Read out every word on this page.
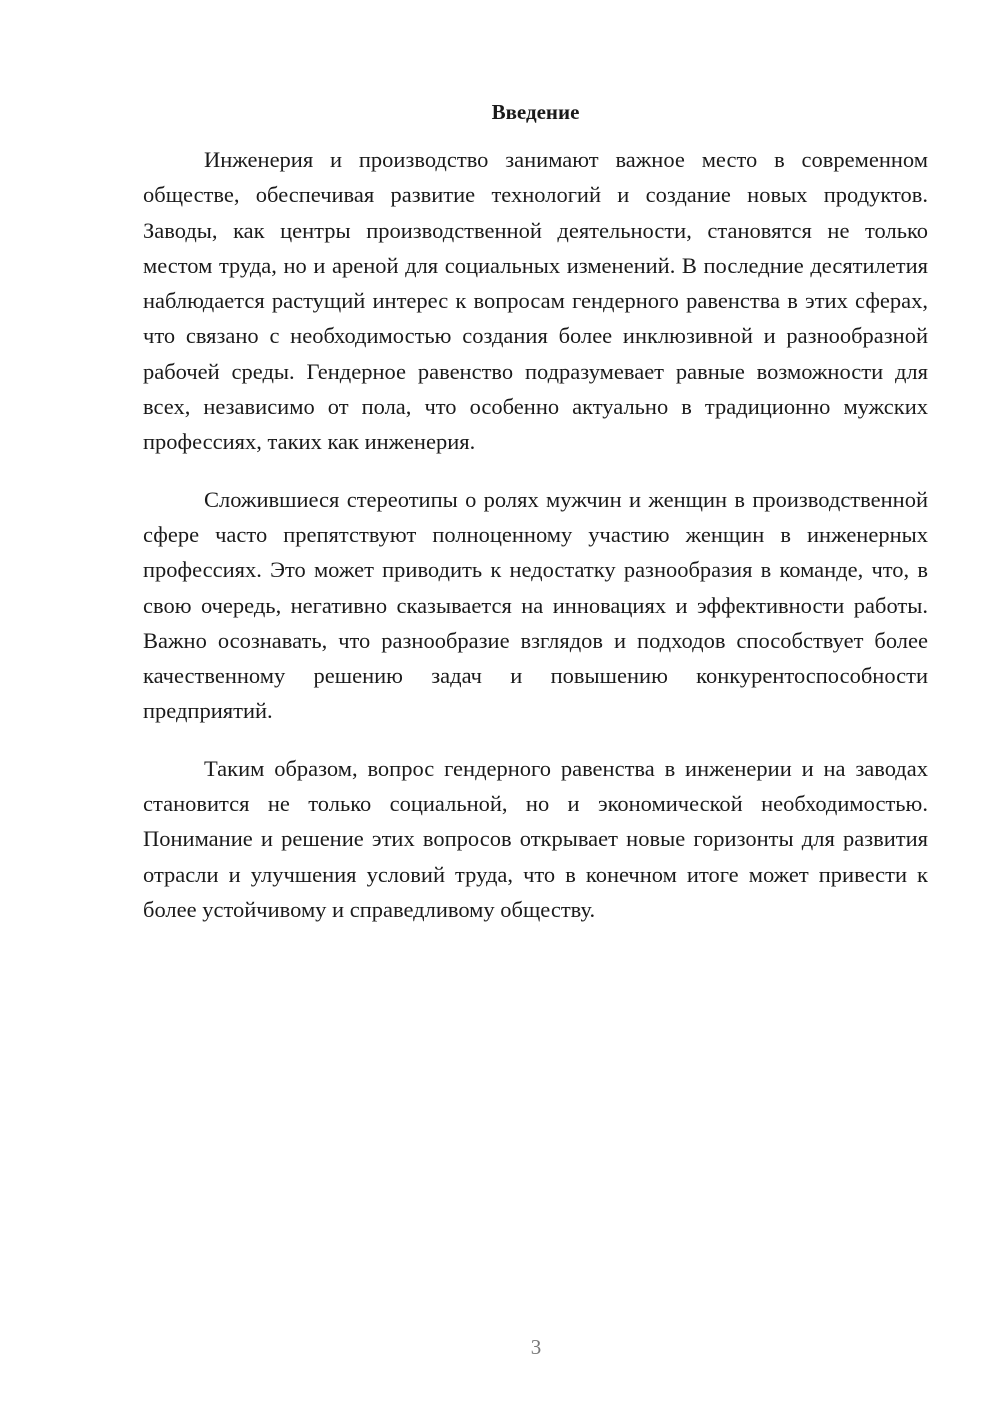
Введение

Инженерия и производство занимают важное место в современном обществе, обеспечивая развитие технологий и создание новых продуктов. Заводы, как центры производственной деятельности, становятся не только местом труда, но и ареной для социальных изменений. В последние десятилетия наблюдается растущий интерес к вопросам гендерного равенства в этих сферах, что связано с необходимостью создания более инклюзивной и разнообразной рабочей среды. Гендерное равенство подразумевает равные возможности для всех, независимо от пола, что особенно актуально в традиционно мужских профессиях, таких как инженерия.

Сложившиеся стереотипы о ролях мужчин и женщин в производственной сфере часто препятствуют полноценному участию женщин в инженерных профессиях. Это может приводить к недостатку разнообразия в команде, что, в свою очередь, негативно сказывается на инновациях и эффективности работы. Важно осознавать, что разнообразие взглядов и подходов способствует более качественному решению задач и повышению конкурентоспособности предприятий.

Таким образом, вопрос гендерного равенства в инженерии и на заводах становится не только социальной, но и экономической необходимостью. Понимание и решение этих вопросов открывает новые горизонты для развития отрасли и улучшения условий труда, что в конечном итоге может привести к более устойчивому и справедливому обществу.

3
